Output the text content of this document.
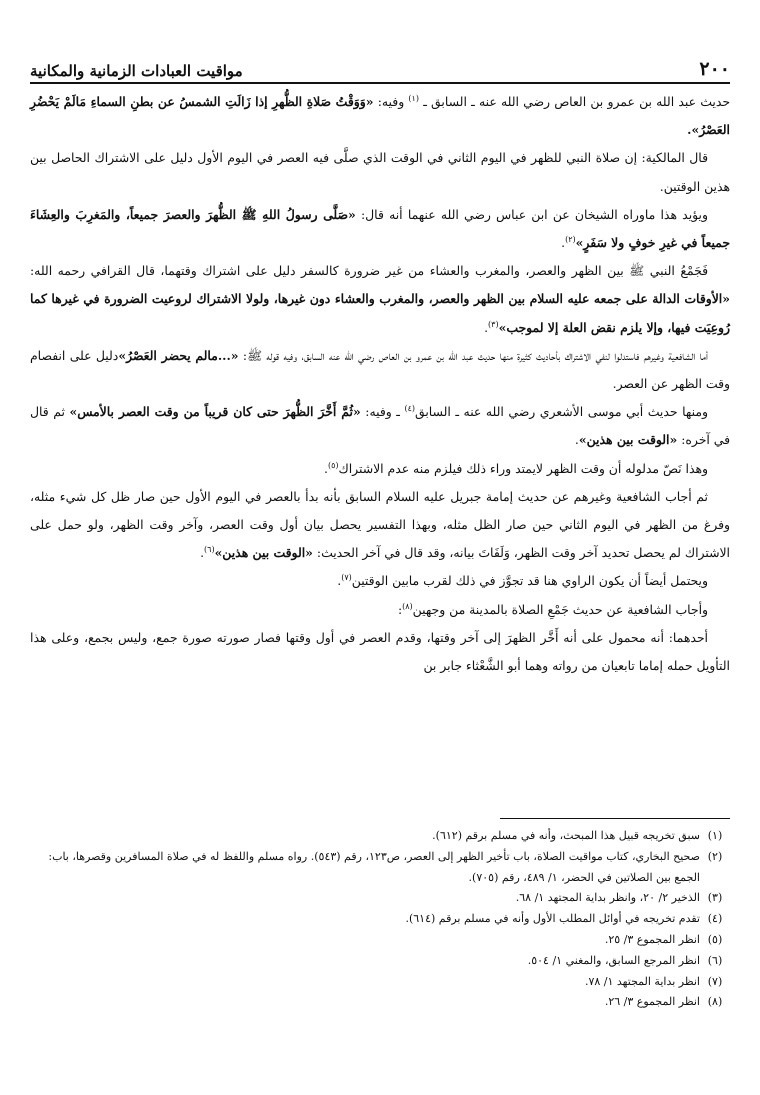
٢٠٠
مواقيت العبادات الزمانية والمكانية

حديث عبد الله بن عمرو بن العاص رضي الله عنه ـ السابق ـ $^{(١)}$ وفيه: «وَوَقْتُ صَلاةِ الظُّهرِ إذا زَالَتِ الشمسُ عن بطنِ السماءِ مَالَمْ يَحْضُرِ العَصْرُ».

قال المالكية: إن صلاة النبي للظهر في اليوم الثاني في الوقت الذي صلَّى فيه العصر في اليوم الأول دليل على الاشتراك الحاصل بين هذين الوقتين.

ويؤيد هذا ماوراه الشيخان عن ابن عباس رضي الله عنهما أنه قال: «صَلَّى رسولُ اللهِ ﷺ الظُّهرَ والعصرَ جميعاً، والمَغرِبَ والعِشَاءَ جميعاً في غيرِ خوفٍ ولا سَفَرٍ»$^{(٢)}$.

فَجَمْعُ النبي ﷺ بين الظهر والعصر، والمغرب والعشاء من غير ضرورة كالسفر دليل على اشتراك وقتهما، قال القرافي رحمه الله: «الأوقات الدالة على جمعه عليه السلام بين الظهر والعصر، والمغرب والعشاء دون غيرها، ولولا الاشتراك لروعيت الضرورة في غيرها كما رُوعِيَت فيها، وإلا يلزم نقض العلة إلا لموجب»$^{(٣)}$.

أما الشافعية وغيرهم فاستدلوا لنفي الاشتراك بأحاديث كثيرة منها حديث عبد الله بن عمرو بن العاص رضي الله عنه السابق، وفيه قوله ﷺ: «...مالم يحضر العَصْرُ»دليل على انفصام وقت الظهر عن العصر.

ومنها حديث أبي موسى الأشعري رضي الله عنه ـ السابق$^{(٤)}$ ـ وفيه: «ثُمَّ أَخَّرَ الظُّهرَ حتى كان قريباً من وقت العصر بالأمس» ثم قال في آخره: «الوقت بين هذين».

وهذا نَصّ مدلوله أن وقت الظهر لايمتد وراء ذلك فيلزم منه عدم الاشتراك$^{(٥)}$.

ثم أجاب الشافعية وغيرهم عن حديث إمامة جبريل عليه السلام السابق بأنه بدأ بالعصر في اليوم الأول حين صار ظل كل شيء مثله، وفرغ من الظهر في اليوم الثاني حين صار الظل مثله، وبهذا التفسير يحصل بيان أول وقت العصر، وآخر وقت الظهر، ولو حمل على الاشتراك لم يحصل تحديد آخر وقت الظهر، وَلَفَاتَ بيانه، وقد قال في آخر الحديث: «الوقت بين هذين»$^{(٦)}$.

ويحتمل أيضاً أن يكون الراوي هنا قد تجوَّز في ذلك لقرب مابين الوقتين$^{(٧)}$.

وأجاب الشافعية عن حديث جَمْعِ الصلاة بالمدينة من وجهين$^{(٨)}$:

أحدهما: أنه محمول على أنه أَخَّر الظهرَ إلى آخر وقتها، وقدم العصر في أول وقتها فصار صورته صورة جمع، وليس بجمع، وعلى هذا التأويل حمله إماما تابعيان من رواته وهما أبو الشَّعْثاء جابر بن

(١)
سبق تخريجه قبيل هذا المبحث، وأنه في مسلم برقم (٦١٢).
(٢)
صحيح البخاري، كتاب مواقيت الصلاة، باب تأخير الظهر إلى العصر، ص١٢٣، رقم (٥٤٣). رواه مسلم واللفظ له في صلاة المسافرين وقصرها، باب: الجمع بين الصلاتين في الحضر، ١/ ٤٨٩، رقم (٧٠٥).
(٣)
الذخير ٢/ ٢٠، وانظر بداية المجتهد ١/ ٦٨.
(٤)
تقدم تخريجه في أوائل المطلب الأول وأنه في مسلم برقم (٦١٤).
(٥)
انظر المجموع ٣/ ٢٥.
(٦)
انظر المرجع السابق، والمغني ١/ ٥٠٤.
(٧)
انظر بداية المجتهد ١/ ٧٨.
(٨)
انظر المجموع ٣/ ٢٦.
